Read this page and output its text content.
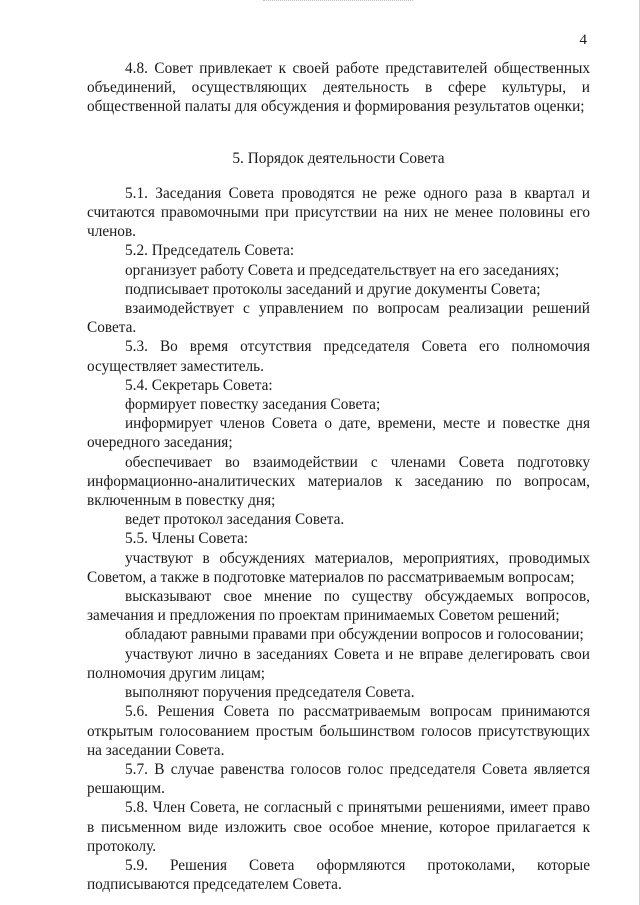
4

4.8. Совет привлекает к своей работе представителей общественных объединений, осуществляющих деятельность в сфере культуры, и общественной палаты для обсуждения и формирования результатов оценки;

5. Порядок деятельности Совета

5.1. Заседания Совета проводятся не реже одного раза в квартал и считаются правомочными при присутствии на них не менее половины его членов.

5.2. Председатель Совета:

организует работу Совета и председательствует на его заседаниях;

подписывает протоколы заседаний и другие документы Совета;

взаимодействует с управлением по вопросам реализации решений Совета.

5.3. Во время отсутствия председателя Совета его полномочия осуществляет заместитель.

5.4. Секретарь Совета:

формирует повестку заседания Совета;

информирует членов Совета о дате, времени, месте и повестке дня очередного заседания;

обеспечивает во взаимодействии с членами Совета подготовку информационно-аналитических материалов к заседанию по вопросам, включенным в повестку дня;

ведет протокол заседания Совета.

5.5. Члены Совета:

участвуют в обсуждениях материалов, мероприятиях, проводимых Советом, а также в подготовке материалов по рассматриваемым вопросам;

высказывают свое мнение по существу обсуждаемых вопросов, замечания и предложения по проектам принимаемых Советом решений;

обладают равными правами при обсуждении вопросов и голосовании;

участвуют лично в заседаниях Совета и не вправе делегировать свои полномочия другим лицам;

выполняют поручения председателя Совета.

5.6. Решения Совета по рассматриваемым вопросам принимаются открытым голосованием простым большинством голосов присутствующих на заседании Совета.

5.7. В случае равенства голосов голос председателя Совета является решающим.

5.8. Член Совета, не согласный с принятыми решениями, имеет право в письменном виде изложить свое особое мнение, которое прилагается к протоколу.

5.9. Решения Совета оформляются протоколами, которые подписываются председателем Совета.
